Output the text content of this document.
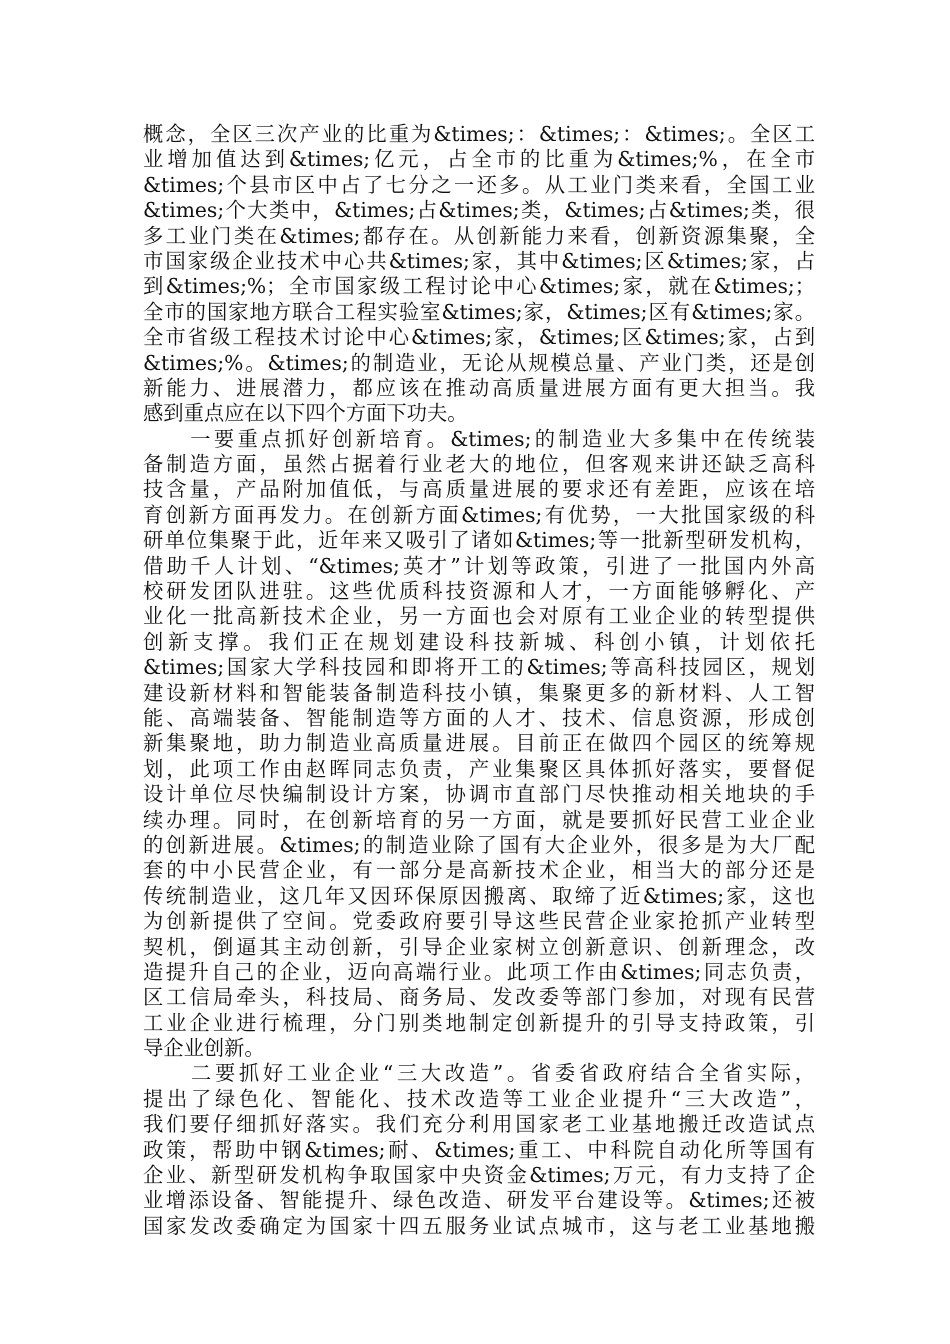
概念，全区三次产业的比重为&times;：&times;：&times;。全区工
业增加值达到&times;亿元，占全市的比重为&times;%，在全市
&times;个县市区中占了七分之一还多。从工业门类来看，全国工业
&times;个大类中，&times;占&times;类，&times;占&times;类，很
多工业门类在&times;都存在。从创新能力来看，创新资源集聚，全
市国家级企业技术中心共&times;家，其中&times;区&times;家，占
到&times;%；全市国家级工程讨论中心&times;家，就在&times;；
全市的国家地方联合工程实验室&times;家，&times;区有&times;家。
全市省级工程技术讨论中心&times;家，&times;区&times;家，占到
&times;%。&times;的制造业，无论从规模总量、产业门类，还是创
新能力、进展潜力，都应该在推动高质量进展方面有更大担当。我
感到重点应在以下四个方面下功夫。
　　一要重点抓好创新培育。&times;的制造业大多集中在传统装
备制造方面，虽然占据着行业老大的地位，但客观来讲还缺乏高科
技含量，产品附加值低，与高质量进展的要求还有差距，应该在培
育创新方面再发力。在创新方面&times;有优势，一大批国家级的科
研单位集聚于此，近年来又吸引了诸如&times;等一批新型研发机构，
借助千人计划、“&times;英才”计划等政策，引进了一批国内外高
校研发团队进驻。这些优质科技资源和人才，一方面能够孵化、产
业化一批高新技术企业，另一方面也会对原有工业企业的转型提供
创新支撑。我们正在规划建设科技新城、科创小镇，计划依托
&times;国家大学科技园和即将开工的&times;等高科技园区，规划
建设新材料和智能装备制造科技小镇，集聚更多的新材料、人工智
能、高端装备、智能制造等方面的人才、技术、信息资源，形成创
新集聚地，助力制造业高质量进展。目前正在做四个园区的统筹规
划，此项工作由赵晖同志负责，产业集聚区具体抓好落实，要督促
设计单位尽快编制设计方案，协调市直部门尽快推动相关地块的手
续办理。同时，在创新培育的另一方面，就是要抓好民营工业企业
的创新进展。&times;的制造业除了国有大企业外，很多是为大厂配
套的中小民营企业，有一部分是高新技术企业，相当大的部分还是
传统制造业，这几年又因环保原因搬离、取缔了近&times;家，这也
为创新提供了空间。党委政府要引导这些民营企业家抢抓产业转型
契机，倒逼其主动创新，引导企业家树立创新意识、创新理念，改
造提升自己的企业，迈向高端行业。此项工作由&times;同志负责，
区工信局牵头，科技局、商务局、发改委等部门参加，对现有民营
工业企业进行梳理，分门别类地制定创新提升的引导支持政策，引
导企业创新。
　　二要抓好工业企业“三大改造”。省委省政府结合全省实际，
提出了绿色化、智能化、技术改造等工业企业提升“三大改造”，
我们要仔细抓好落实。我们充分利用国家老工业基地搬迁改造试点
政策，帮助中钢&times;耐、&times;重工、中科院自动化所等国有
企业、新型研发机构争取国家中央资金&times;万元，有力支持了企
业增添设备、智能提升、绿色改造、研发平台建设等。&times;还被
国家发改委确定为国家十四五服务业试点城市，这与老工业基地搬
